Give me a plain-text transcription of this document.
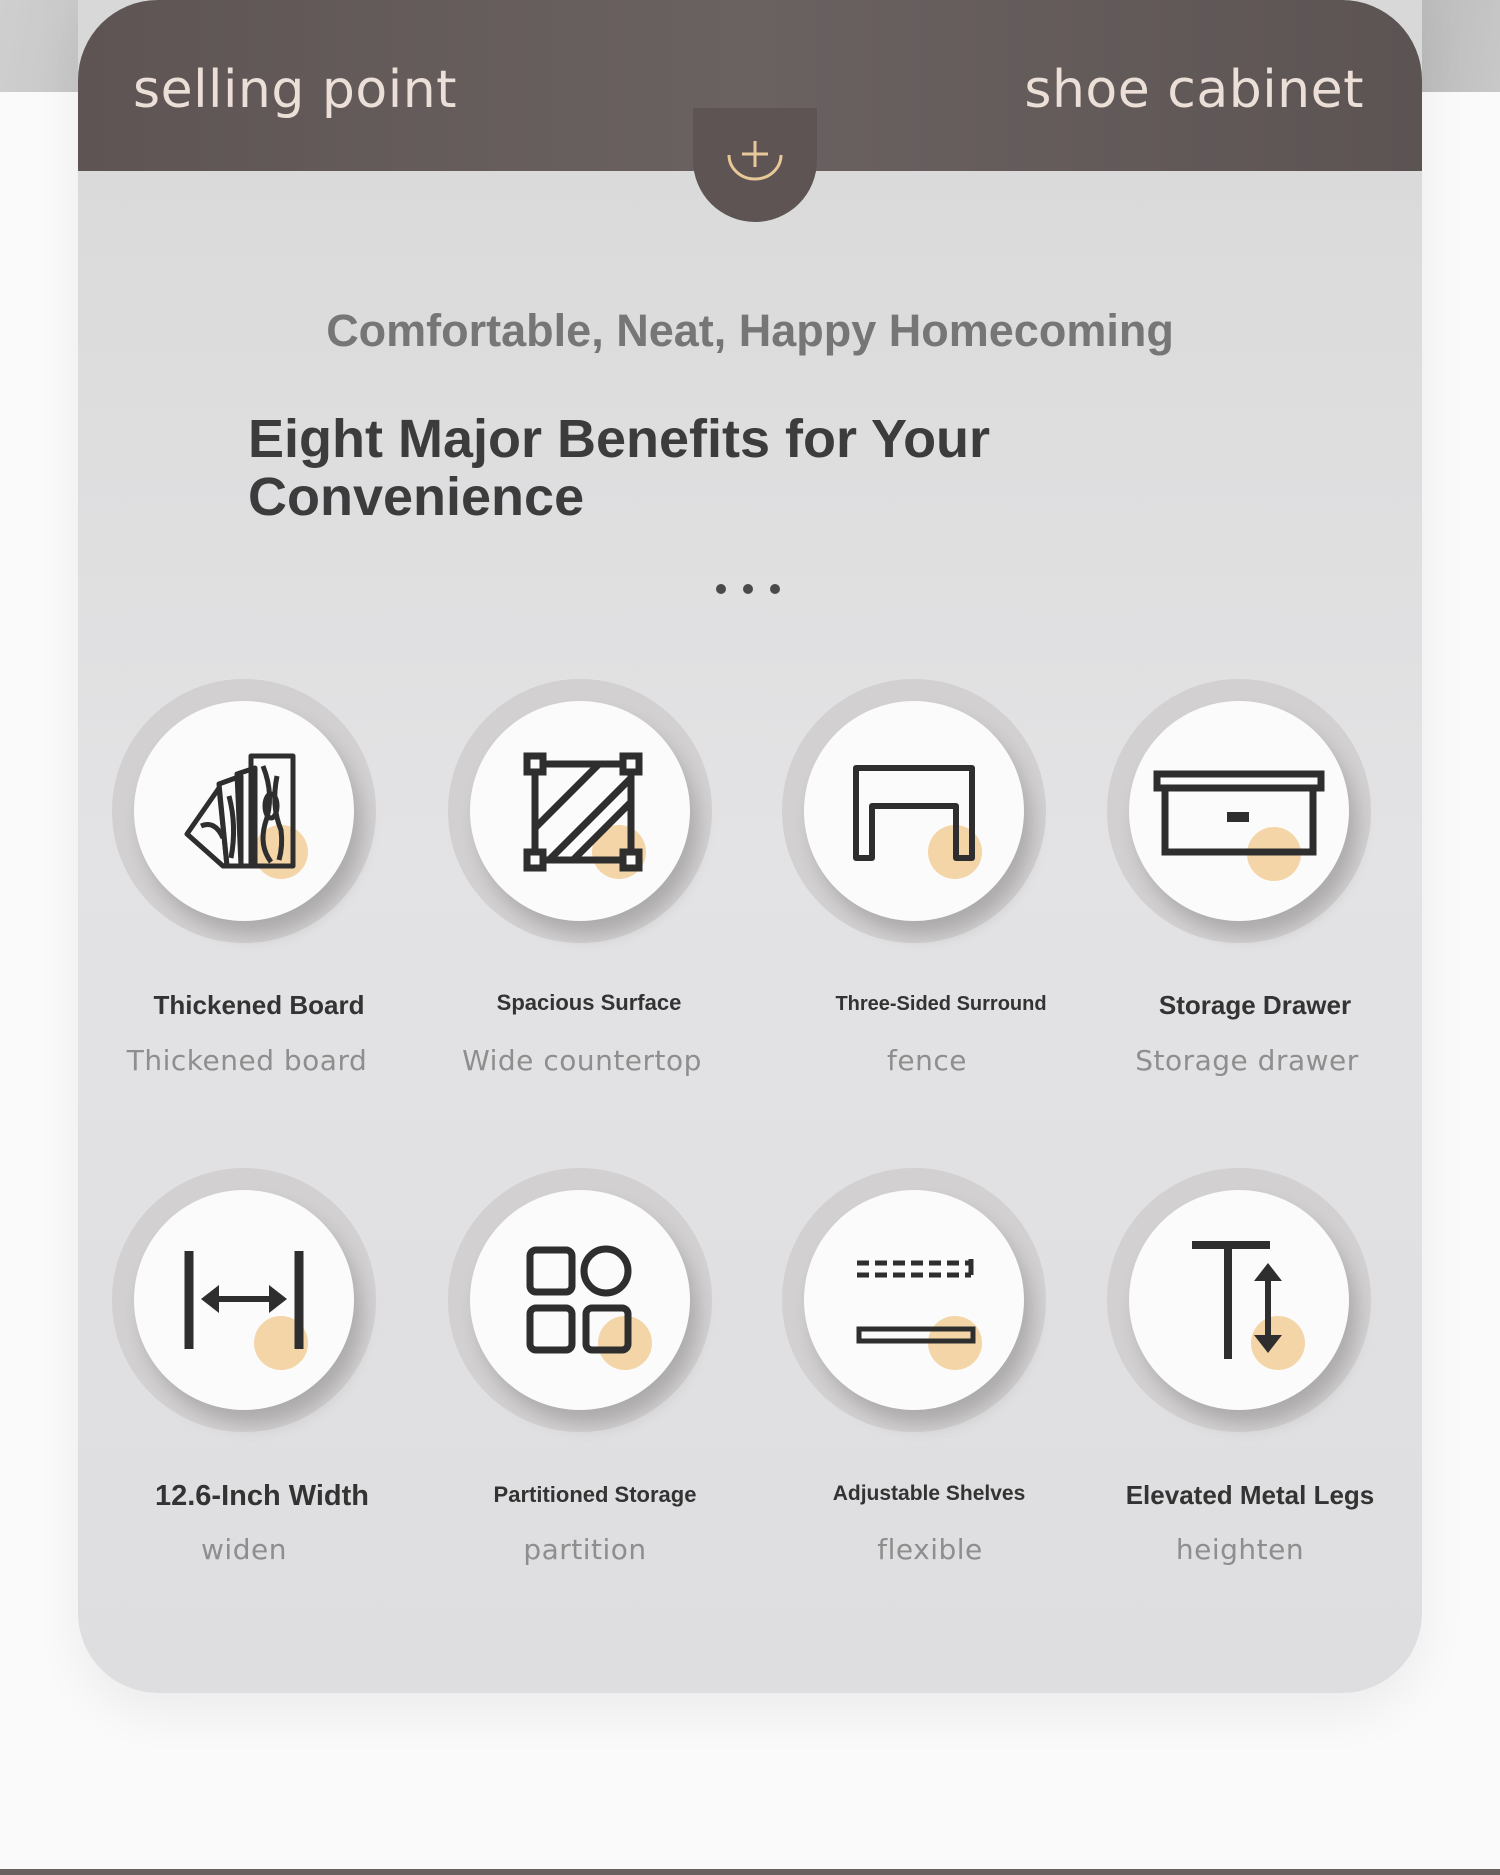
selling point	shoe cabinet
Comfortable, Neat, Happy Homecoming
Eight Major Benefits for Your Convenience
Thickened Board
Thickened board
Spacious Surface
Wide countertop
Three-Sided Surround
fence
Storage Drawer
Storage drawer
12.6-Inch Width
widen
Partitioned Storage
partition
Adjustable Shelves
flexible
Elevated Metal Legs
heighten
